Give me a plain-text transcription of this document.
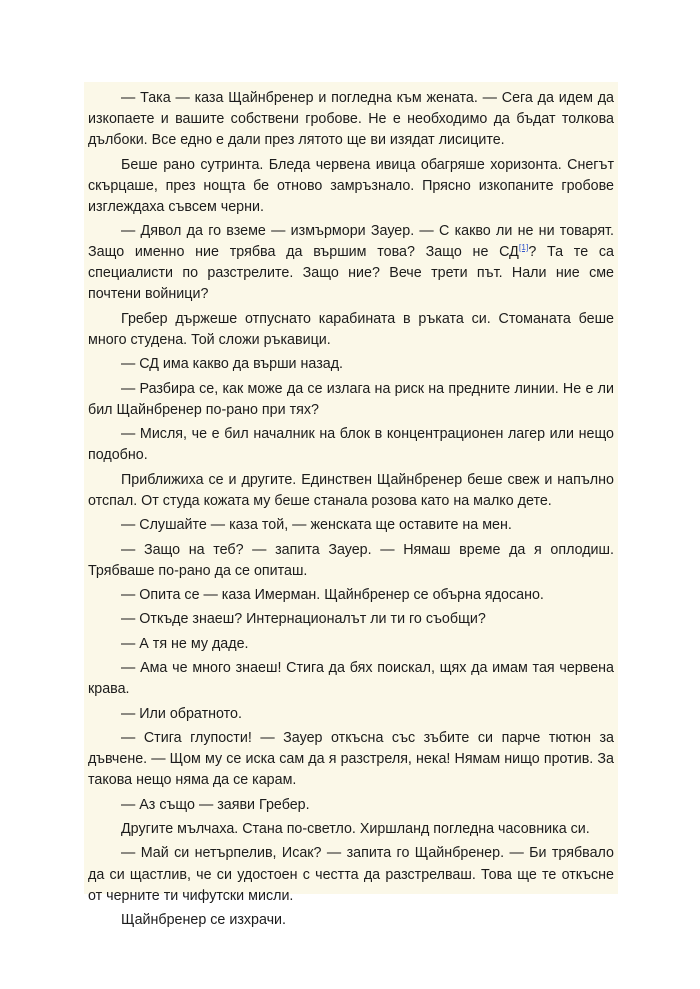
— Така — каза Щайнбренер и погледна към жената. — Сега да идем да изкопаете и вашите собствени гробове. Не е необходимо да бъдат толкова дълбоки. Все едно е дали през лятото ще ви изядат лисиците.

Беше рано сутринта. Бледа червена ивица обагряше хоризонта. Снегът скърцаше, през нощта бе отново замръзнало. Прясно изкопаните гробове изглеждаха съвсем черни.

— Дявол да го вземе — измърмори Зауер. — С какво ли не ни товарят. Защо именно ние трябва да вършим това? Защо не СД[1]? Та те са специалисти по разстрелите. Защо ние? Вече трети път. Нали ние сме почтени войници?

Гребер държеше отпуснато карабината в ръката си. Стоманата беше много студена. Той сложи ръкавици.

— СД има какво да върши назад.

— Разбира се, как може да се излага на риск на предните линии. Не е ли бил Щайнбренер по-рано при тях?

— Мисля, че е бил началник на блок в концентрационен лагер или нещо подобно.

Приближиха се и другите. Единствен Щайнбренер беше свеж и напълно отспал. От студа кожата му беше станала розова като на малко дете.

— Слушайте — каза той, — женската ще оставите на мен.

— Защо на теб? — запита Зауер. — Нямаш време да я оплодиш. Трябваше по-рано да се опиташ.

— Опита се — каза Имерман. Щайнбренер се обърна ядосано.

— Откъде знаеш? Интернационалът ли ти го съобщи?

— А тя не му даде.

— Ама че много знаеш! Стига да бях поискал, щях да имам тая червена крава.

— Или обратното.

— Стига глупости! — Зауер откъсна със зъбите си парче тютюн за дъвчене. — Щом му се иска сам да я разстреля, нека! Нямам нищо против. За такова нещо няма да се карам.

— Аз също — заяви Гребер.

Другите мълчаха. Стана по-светло. Хиршланд погледна часовника си.

— Май си нетърпелив, Исак? — запита го Щайнбренер. — Би трябвало да си щастлив, че си удостоен с честта да разстрелваш. Това ще те откъсне от черните ти чифутски мисли.

Щайнбренер се изхрачи.
